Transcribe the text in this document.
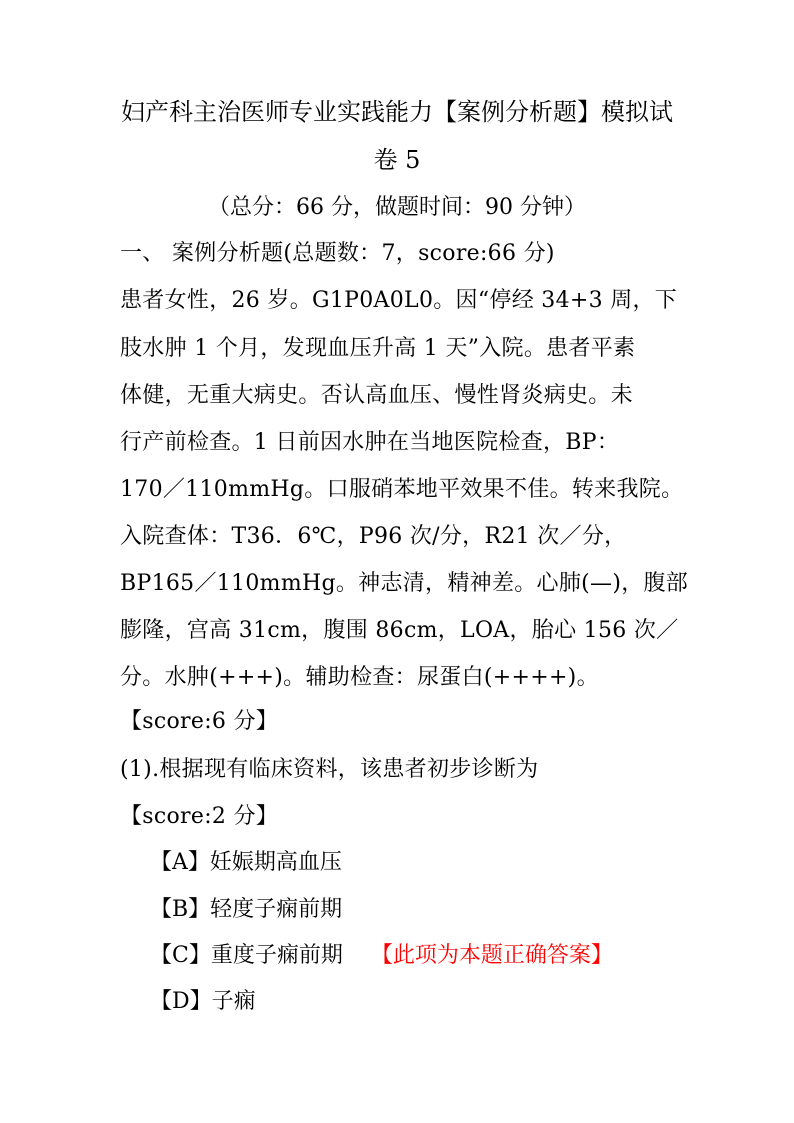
妇产科主治医师专业实践能力【案例分析题】模拟试
卷 5
（总分：66 分，做题时间：90 分钟）
一、 案例分析题(总题数：7，score:66 分)
患者女性，26 岁。G1P0A0L0。因“停经 34+3 周，下
肢水肿 1 个月，发现血压升高 1 天”入院。患者平素
体健，无重大病史。否认高血压、慢性肾炎病史。未
行产前检查。1 日前因水肿在当地医院检查，BP：
170／110mmHg。口服硝苯地平效果不佳。转来我院。
入院查体：T36．6℃，P96 次/分，R21 次／分，
BP165／110mmHg。神志清，精神差。心肺(—)，腹部
膨隆，宫高 31cm，腹围 86cm，LOA，胎心 156 次／
分。水肿(+++)。辅助检查：尿蛋白(++++)。
【score:6 分】
(1).根据现有临床资料，该患者初步诊断为
【score:2 分】
【A】妊娠期高血压
【B】轻度子痫前期
【C】重度子痫前期 【此项为本题正确答案】
【D】子痫
